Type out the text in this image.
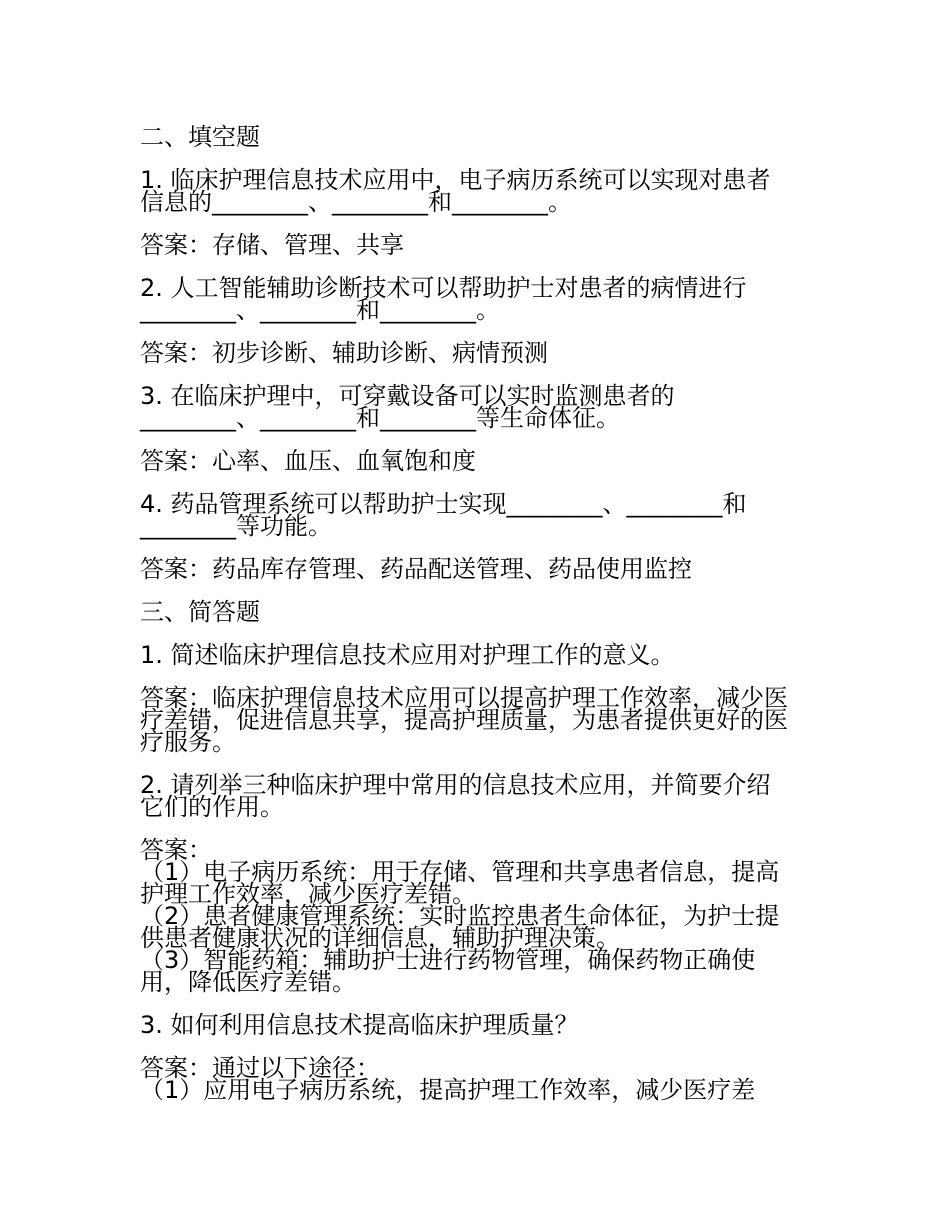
二、填空题
1. 临床护理信息技术应用中，电子病历系统可以实现对患者
信息的________、________和________。
答案：存储、管理、共享
2. 人工智能辅助诊断技术可以帮助护士对患者的病情进行
________、________和________。
答案：初步诊断、辅助诊断、病情预测
3. 在临床护理中，可穿戴设备可以实时监测患者的
________、________和________等生命体征。
答案：心率、血压、血氧饱和度
4. 药品管理系统可以帮助护士实现________、________和
________等功能。
答案：药品库存管理、药品配送管理、药品使用监控
三、简答题
1. 简述临床护理信息技术应用对护理工作的意义。
答案：临床护理信息技术应用可以提高护理工作效率，减少医
疗差错，促进信息共享，提高护理质量，为患者提供更好的医
疗服务。
2. 请列举三种临床护理中常用的信息技术应用，并简要介绍
它们的作用。
答案：
（1）电子病历系统：用于存储、管理和共享患者信息，提高
护理工作效率，减少医疗差错。
（2）患者健康管理系统：实时监控患者生命体征，为护士提
供患者健康状况的详细信息，辅助护理决策。
（3）智能药箱：辅助护士进行药物管理，确保药物正确使
用，降低医疗差错。
3. 如何利用信息技术提高临床护理质量？
答案：通过以下途径：
（1）应用电子病历系统，提高护理工作效率，减少医疗差
